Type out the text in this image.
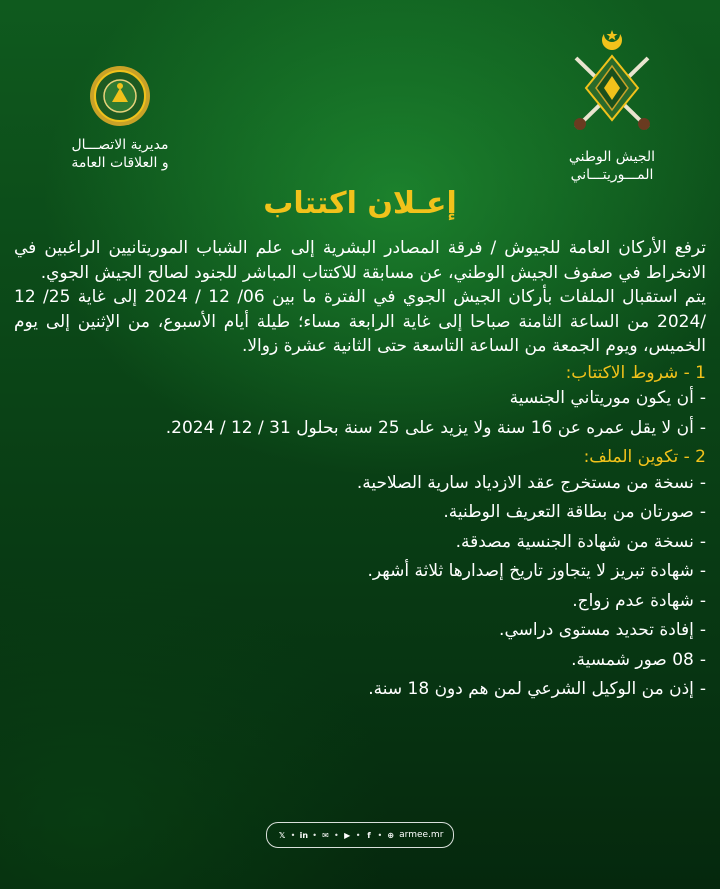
الجيش الوطني
المـــوريتـــاني
مديرية الاتصـــال
و العلاقات العامة
إعـلان اكتتاب

ترفع الأركان العامة للجيوش / فرقة المصادر البشرية إلى علم الشباب الموريتانيين الراغبين في الانخراط في صفوف الجيش الوطني، عن مسابقة للاكتتاب المباشر للجنود لصالح الجيش الجوي.

يتم استقبال الملفات بأركان الجيش الجوي في الفترة ما بين 06/ 12 / 2024 إلى غاية 25/ 12 /2024 من الساعة الثامنة صباحا إلى غاية الرابعة مساء؛ طيلة أيام الأسبوع، من الإثنين إلى يوم الخميس، ويوم الجمعة من الساعة التاسعة حتى الثانية عشرة زوالا.

1 - شروط الاكتتاب:
-أن يكون موريتاني الجنسية
-أن لا يقل عمره عن 16 سنة ولا يزيد على 25 سنة بحلول 31 / 12 / 2024.
2 - تكوين الملف:
-نسخة من مستخرج عقد الازدياد سارية الصلاحية.
-صورتان من بطاقة التعريف الوطنية.
-نسخة من شهادة الجنسية مصدقة.
-شهادة تبريز لا يتجاوز تاريخ إصدارها ثلاثة أشهر.
-شهادة عدم زواج.
-إفادة تحديد مستوى دراسي.
-08 صور شمسية.
-إذن من الوكيل الشرعي لمن هم دون 18 سنة.
𝕏 • in • ✉ • ▶ • f • ⊕ armee.mr
